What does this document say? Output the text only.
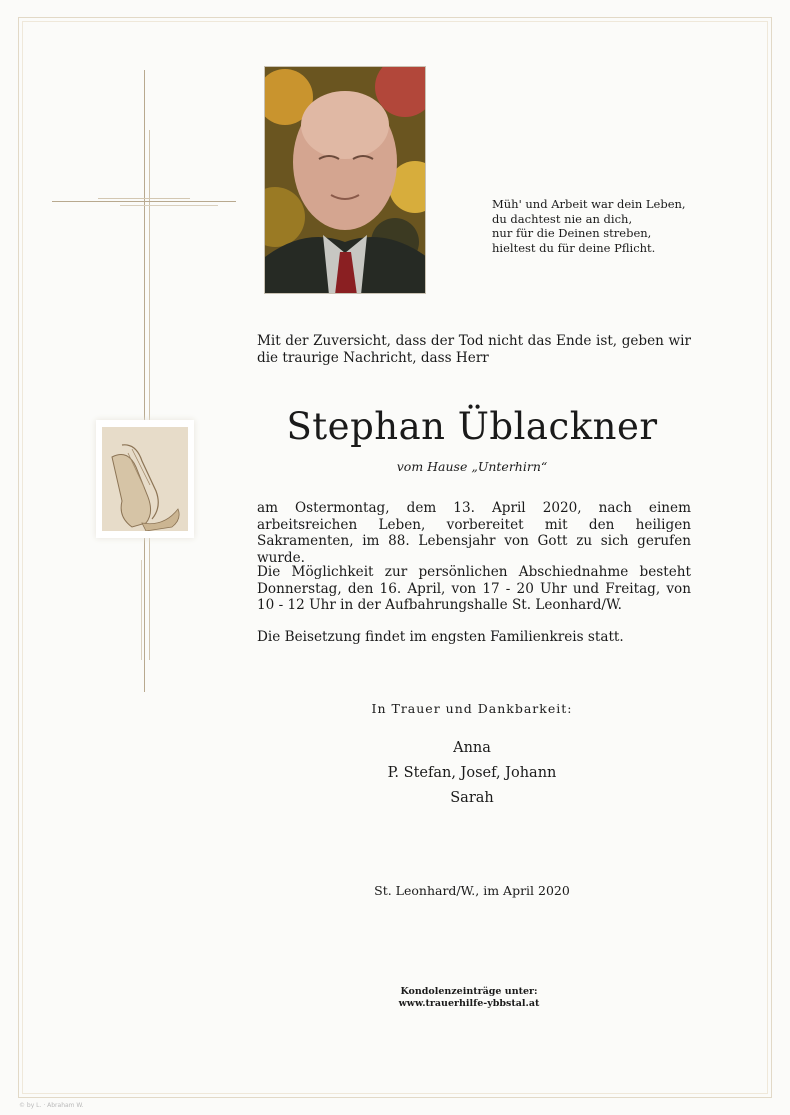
Müh' und Arbeit war dein Leben,
du dachtest nie an dich,
nur für die Deinen streben,
hieltest du für deine Pflicht.
Mit der Zuversicht, dass der Tod nicht das Ende ist, geben wir die traurige Nachricht, dass Herr
Stephan Üblackner
vom Hause „Unterhirn“
am Ostermontag, dem 13. April 2020, nach einem arbeitsreichen Leben, vorbereitet mit den heiligen Sakramenten, im 88. Lebensjahr von Gott zu sich gerufen wurde.
Die Möglichkeit zur persönlichen Abschiednahme besteht Donnerstag, den 16. April, von 17 - 20 Uhr und Freitag, von 10 - 12 Uhr in der Aufbahrungshalle St. Leonhard/W.
Die Beisetzung findet im engsten Familienkreis statt.
In Trauer und Dankbarkeit:
Anna
P. Stefan, Josef, Johann
Sarah
St. Leonhard/W., im April 2020
Kondolenzeinträge unter:
www.trauerhilfe-ybbstal.at
© by L. · Abraham W.
